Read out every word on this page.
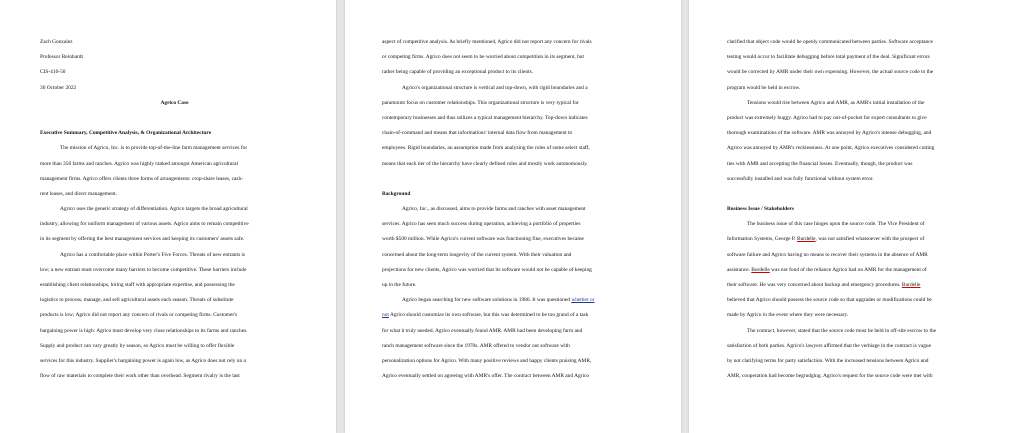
Zach Gonzalez
Professor Reinhardt
CIS-410-50
30 October 2022
Agrico Case
Executive Summary, Competitive Analysis, & Organizational Architecture
The mission of Agrico, Inc. is to provide top-of-the-line farm management services for
more than 350 farms and ranches. Agrico was highly ranked amongst American agricultural
management firms. Agrico offers clients three forms of arrangements: crop-share leases, cash-
rent leases, and direct management.
Agrico uses the generic strategy of differentiation. Agrico targets the broad agricultural
industry, allowing for uniform management of various assets. Agrico aims to remain competitive
in its segment by offering the best management services and keeping its customers' assets safe.
Agrico has a comfortable place within Porter's Five Forces. Threats of new entrants is
low; a new entrant must overcome many barriers to become competitive. These barriers include
establishing client relationships, hiring staff with appropriate expertise, and possessing the
logistics to process, manage, and sell agricultural assets each season. Threats of substitute
products is low; Agrico did not report any concern of rivals or competing firms. Customer's
bargaining power is high: Agrico must develop very close relationships to its farms and ranches.
Supply and product can vary greatly by season, so Agrico must be willing to offer flexible
services for this industry. Supplier's bargaining power is again low, as Agrico does not rely on a
flow of raw materials to complete their work other than overhead. Segment rivalry is the last
aspect of competitive analysis. As briefly mentioned, Agrico did not report any concern for rivals
or competing firms. Agrico does not seem to be worried about competition in its segment, but
rather being capable of providing an exceptional product to its clients.
Agrico's organizational structure is vertical and top-down, with rigid boundaries and a
paramount focus on customer relationships. This organizational structure is very typical for
contemporary businesses and thus utilizes a typical management hierarchy. Top-down indicates
chain-of-command and means that informations' internal data flow from management to
employees. Rigid boundaries, an assumption made from analyzing the roles of some select staff,
means that each tier of the hierarchy have clearly defined roles and mostly work autonomously.
Background
Agrico, Inc., as discussed, aims to provide farms and ranches with asset management
services. Agrico has seen much success during operation, achieving a portfolio of properties
worth $500 million. While Agrico's current software was functioning fine, executives became
concerned about the long-term longevity of the current system. With their valuation and
projections for new clients, Agrico was worried that its software would not be capable of keeping
up in the future.
Agrico began searching for new software solutions in 1986. It was questioned whether or
not Agrico should customize its own software, but this was determined to be too grand of a task
for what it truly needed. Agrico eventually found AMR. AMR had been developing farm and
ranch management software since the 1970s. AMR offered to vendor out software with
personalization options for Agrico. With many positive reviews and happy clients praising AMR,
Agrico eventually settled on agreeing with AMR's offer. The contract between AMR and Agrico
clarified that object code would be openly communicated between parties. Software acceptance
testing would occur to facilitate debugging before total payment of the deal. Significant errors
would be corrected by AMR under their own expensing. However, the actual source code to the
program would be held in escrow.
Tensions would rise between Agrico and AMR, as AMR's initial installation of the
product was extremely buggy. Agrico had to pay out-of-pocket for expert consultants to give
thorough examinations of the software. AMR was annoyed by Agrico's intense debugging, and
Agrico was annoyed by AMR's recklessness. At one point, Agrico executives considered cutting
ties with AMR and accepting the financial losses. Eventually, though, the product was
successfully installed and was fully functional without system error.
Business Issue / Stakeholders
The business issue of this case hinges upon the source code. The Vice President of
Information Systems, George P. Burdelle, was not satisfied whatsoever with the prospect of
software failure and Agrico having no means to recover their systems in the absence of AMR
assistance. Burdelle was not fond of the reliance Agrico had on AMR for the management of
their software. He was very concerned about backup and emergency procedures. Burdelle
believed that Agrico should possess the source code so that upgrades or modifications could be
made by Agrico in the event where they were necessary.
The contract, however, stated that the source code must be held in off-site escrow to the
satisfaction of both parties. Agrico's lawyers affirmed that the verbiage in the contract is vague
by not clarifying terms for party satisfaction. With the increased tensions between Agrico and
AMR, cooperation had become begrudging. Agrico's request for the source code were met with
